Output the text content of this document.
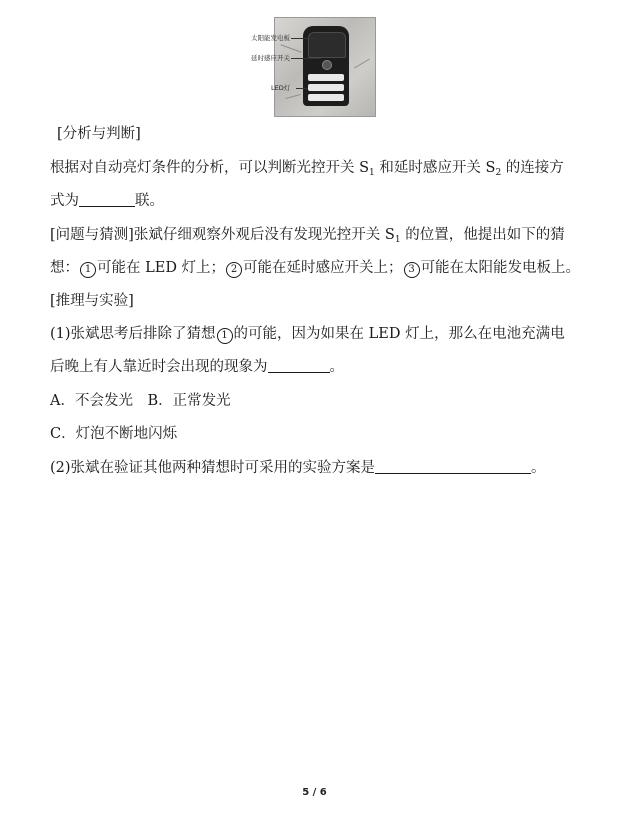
太阳能发电板
延时感应开关
LED灯
[分析与判断]
根据对自动亮灯条件的分析，可以判断光控开关 $S_1$ 和延时感应开关 $S_2$ 的连接方
式为	联。
[问题与猜测]张斌仔细观察外观后没有发现光控开关 $S_1$ 的位置，他提出如下的猜
想： 1 可能在 LED 灯上； 2 可能在延时感应开关上； 3 可能在太阳能发电板上。
[推理与实验]
(1)张斌思考后排除了猜想 1 的可能，因为如果在 LED 灯上，那么在电池充满电
后晚上有人靠近时会出现的现象为	。
A．不会发光　B．正常发光
C．灯泡不断地闪烁
(2)张斌在验证其他两种猜想时可采用的实验方案是	。
5 / 6
